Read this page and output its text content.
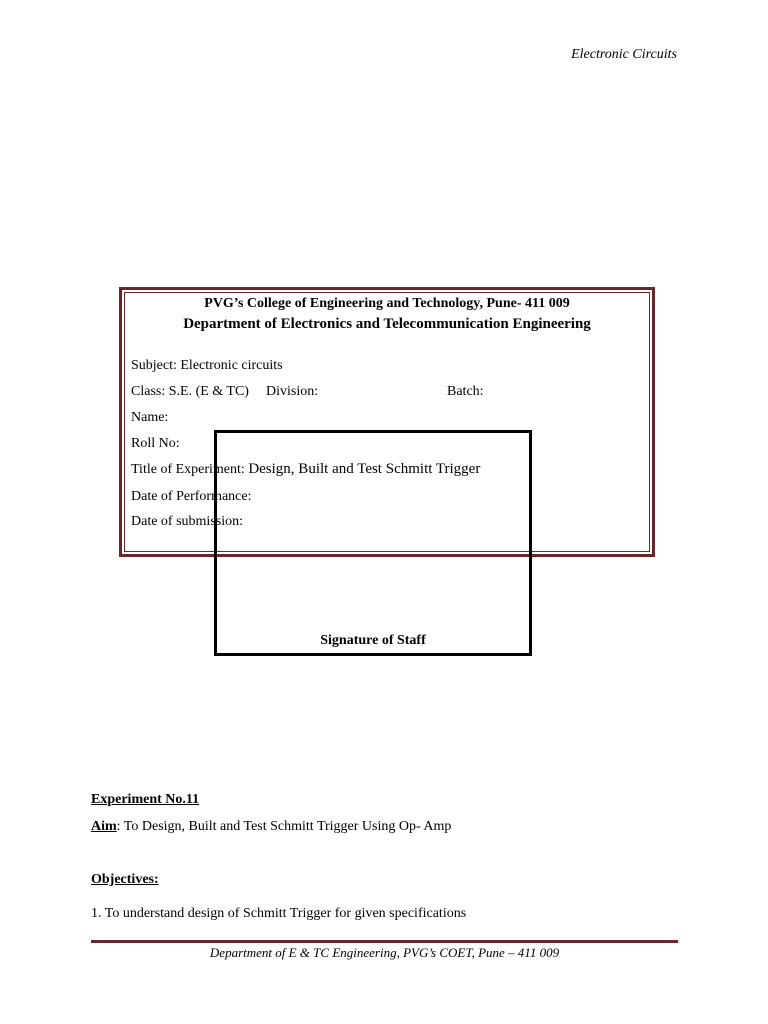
Electronic Circuits
PVG’s College of Engineering and Technology, Pune- 411 009
Department of Electronics and Telecommunication Engineering
Subject: Electronic circuits
Class: S.E. (E & TC) Division:	Batch:
Name:
Roll No:
Title of Experiment: Design, Built and Test Schmitt Trigger
Date of Performance:
Date of submission:
Signature of Staff
Experiment No.11
Aim: To Design, Built and Test Schmitt Trigger Using Op- Amp
Objectives:
1. To understand design of Schmitt Trigger for given specifications
Department of E & TC Engineering, PVG’s COET, Pune – 411 009
